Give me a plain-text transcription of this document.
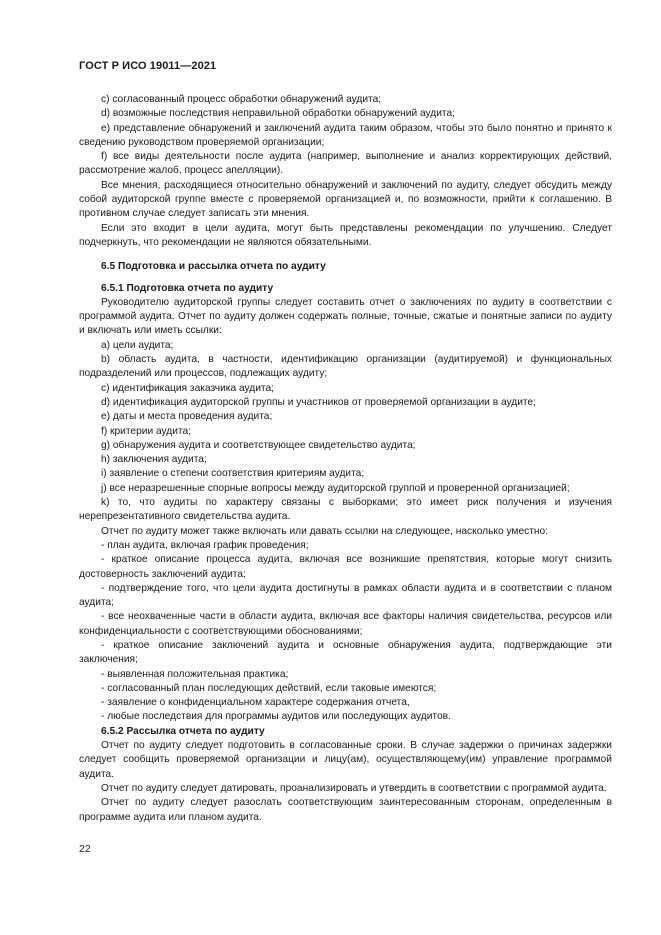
ГОСТ Р ИСО 19011—2021

c) согласованный процесс обработки обнаружений аудита;

d) возможные последствия неправильной обработки обнаружений аудита;

e) представление обнаружений и заключений аудита таким образом, чтобы это было понятно и принято к сведению руководством проверяемой организации;

f) все виды деятельности после аудита (например, выполнение и анализ корректирующих действий, рассмотрение жалоб, процесс апелляции).

Все мнения, расходящиеся относительно обнаружений и заключений по аудиту, следует обсудить между собой аудиторской группе вместе с проверяемой организацией и, по возможности, прийти к соглашению. В противном случае следует записать эти мнения.

Если это входит в цели аудита, могут быть представлены рекомендации по улучшению. Следует подчеркнуть, что рекомендации не являются обязательными.

6.5 Подготовка и рассылка отчета по аудиту

6.5.1 Подготовка отчета по аудиту

Руководителю аудиторской группы следует составить отчет о заключениях по аудиту в соответствии с программой аудита. Отчет по аудиту должен содержать полные, точные, сжатые и понятные записи по аудиту и включать или иметь ссылки:

a) цели аудита;

b) область аудита, в частности, идентификацию организации (аудитируемой) и функциональных подразделений или процессов, подлежащих аудиту;

c) идентификация заказчика аудита;

d) идентификация аудиторской группы и участников от проверяемой организации в аудите;

e) даты и места проведения аудита;

f) критерии аудита;

g) обнаружения аудита и соответствующее свидетельство аудита;

h) заключения аудита;

i) заявление о степени соответствия критериям аудита;

j) все неразрешенные спорные вопросы между аудиторской группой и проверенной организацией;

k) то, что аудиты по характеру связаны с выборками; это имеет риск получения и изучения нерепрезентативного свидетельства аудита.

Отчет по аудиту может также включать или давать ссылки на следующее, насколько уместно:

- план аудита, включая график проведения;

- краткое описание процесса аудита, включая все возникшие препятствия, которые могут снизить достоверность заключений аудита;

- подтверждение того, что цели аудита достигнуты в рамках области аудита и в соответствии с планом аудита;

- все неохваченные части в области аудита, включая все факторы наличия свидетельства, ресурсов или конфиденциальности с соответствующими обоснованиями;

- краткое описание заключений аудита и основные обнаружения аудита, подтверждающие эти заключения;

- выявленная положительная практика;

- согласованный план последующих действий, если таковые имеются;

- заявление о конфиденциальном характере содержания отчета,

- любые последствия для программы аудитов или последующих аудитов.

6.5.2 Рассылка отчета по аудиту

Отчет по аудиту следует подготовить в согласованные сроки. В случае задержки о причинах задержки следует сообщить проверяемой организации и лицу(ам), осуществляющему(им) управление программой аудита.

Отчет по аудиту следует датировать, проанализировать и утвердить в соответствии с программой аудита.

Отчет по аудиту следует разослать соответствующим заинтересованным сторонам, определенным в программе аудита или планом аудита.

22
